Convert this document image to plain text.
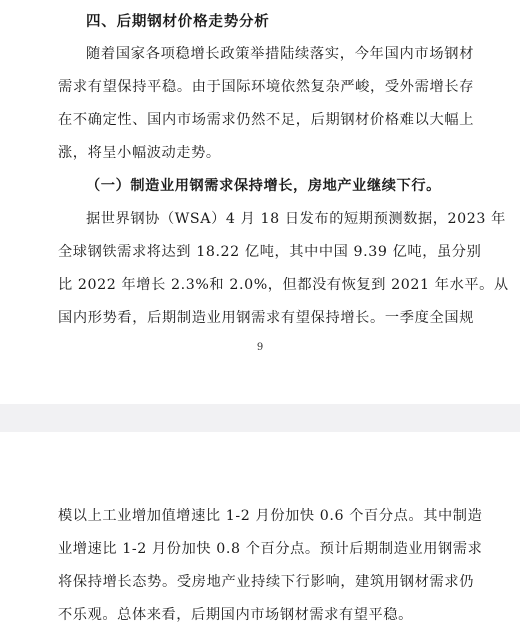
四、后期钢材价格走势分析
随着国家各项稳增长政策举措陆续落实，今年国内市场钢材
需求有望保持平稳。由于国际环境依然复杂严峻，受外需增长存
在不确定性、国内市场需求仍然不足，后期钢材价格难以大幅上
涨，将呈小幅波动走势。
（一）制造业用钢需求保持增长，房地产业继续下行。
据世界钢协（WSA）4 月 18 日发布的短期预测数据，2023 年
全球钢铁需求将达到 18.22 亿吨，其中中国 9.39 亿吨，虽分别
比 2022 年增长 2.3%和 2.0%，但都没有恢复到 2021 年水平。从
国内形势看，后期制造业用钢需求有望保持增长。一季度全国规
9
模以上工业增加值增速比 1-2 月份加快 0.6 个百分点。其中制造
业增速比 1-2 月份加快 0.8 个百分点。预计后期制造业用钢需求
将保持增长态势。受房地产业持续下行影响，建筑用钢材需求仍
不乐观。总体来看，后期国内市场钢材需求有望平稳。
